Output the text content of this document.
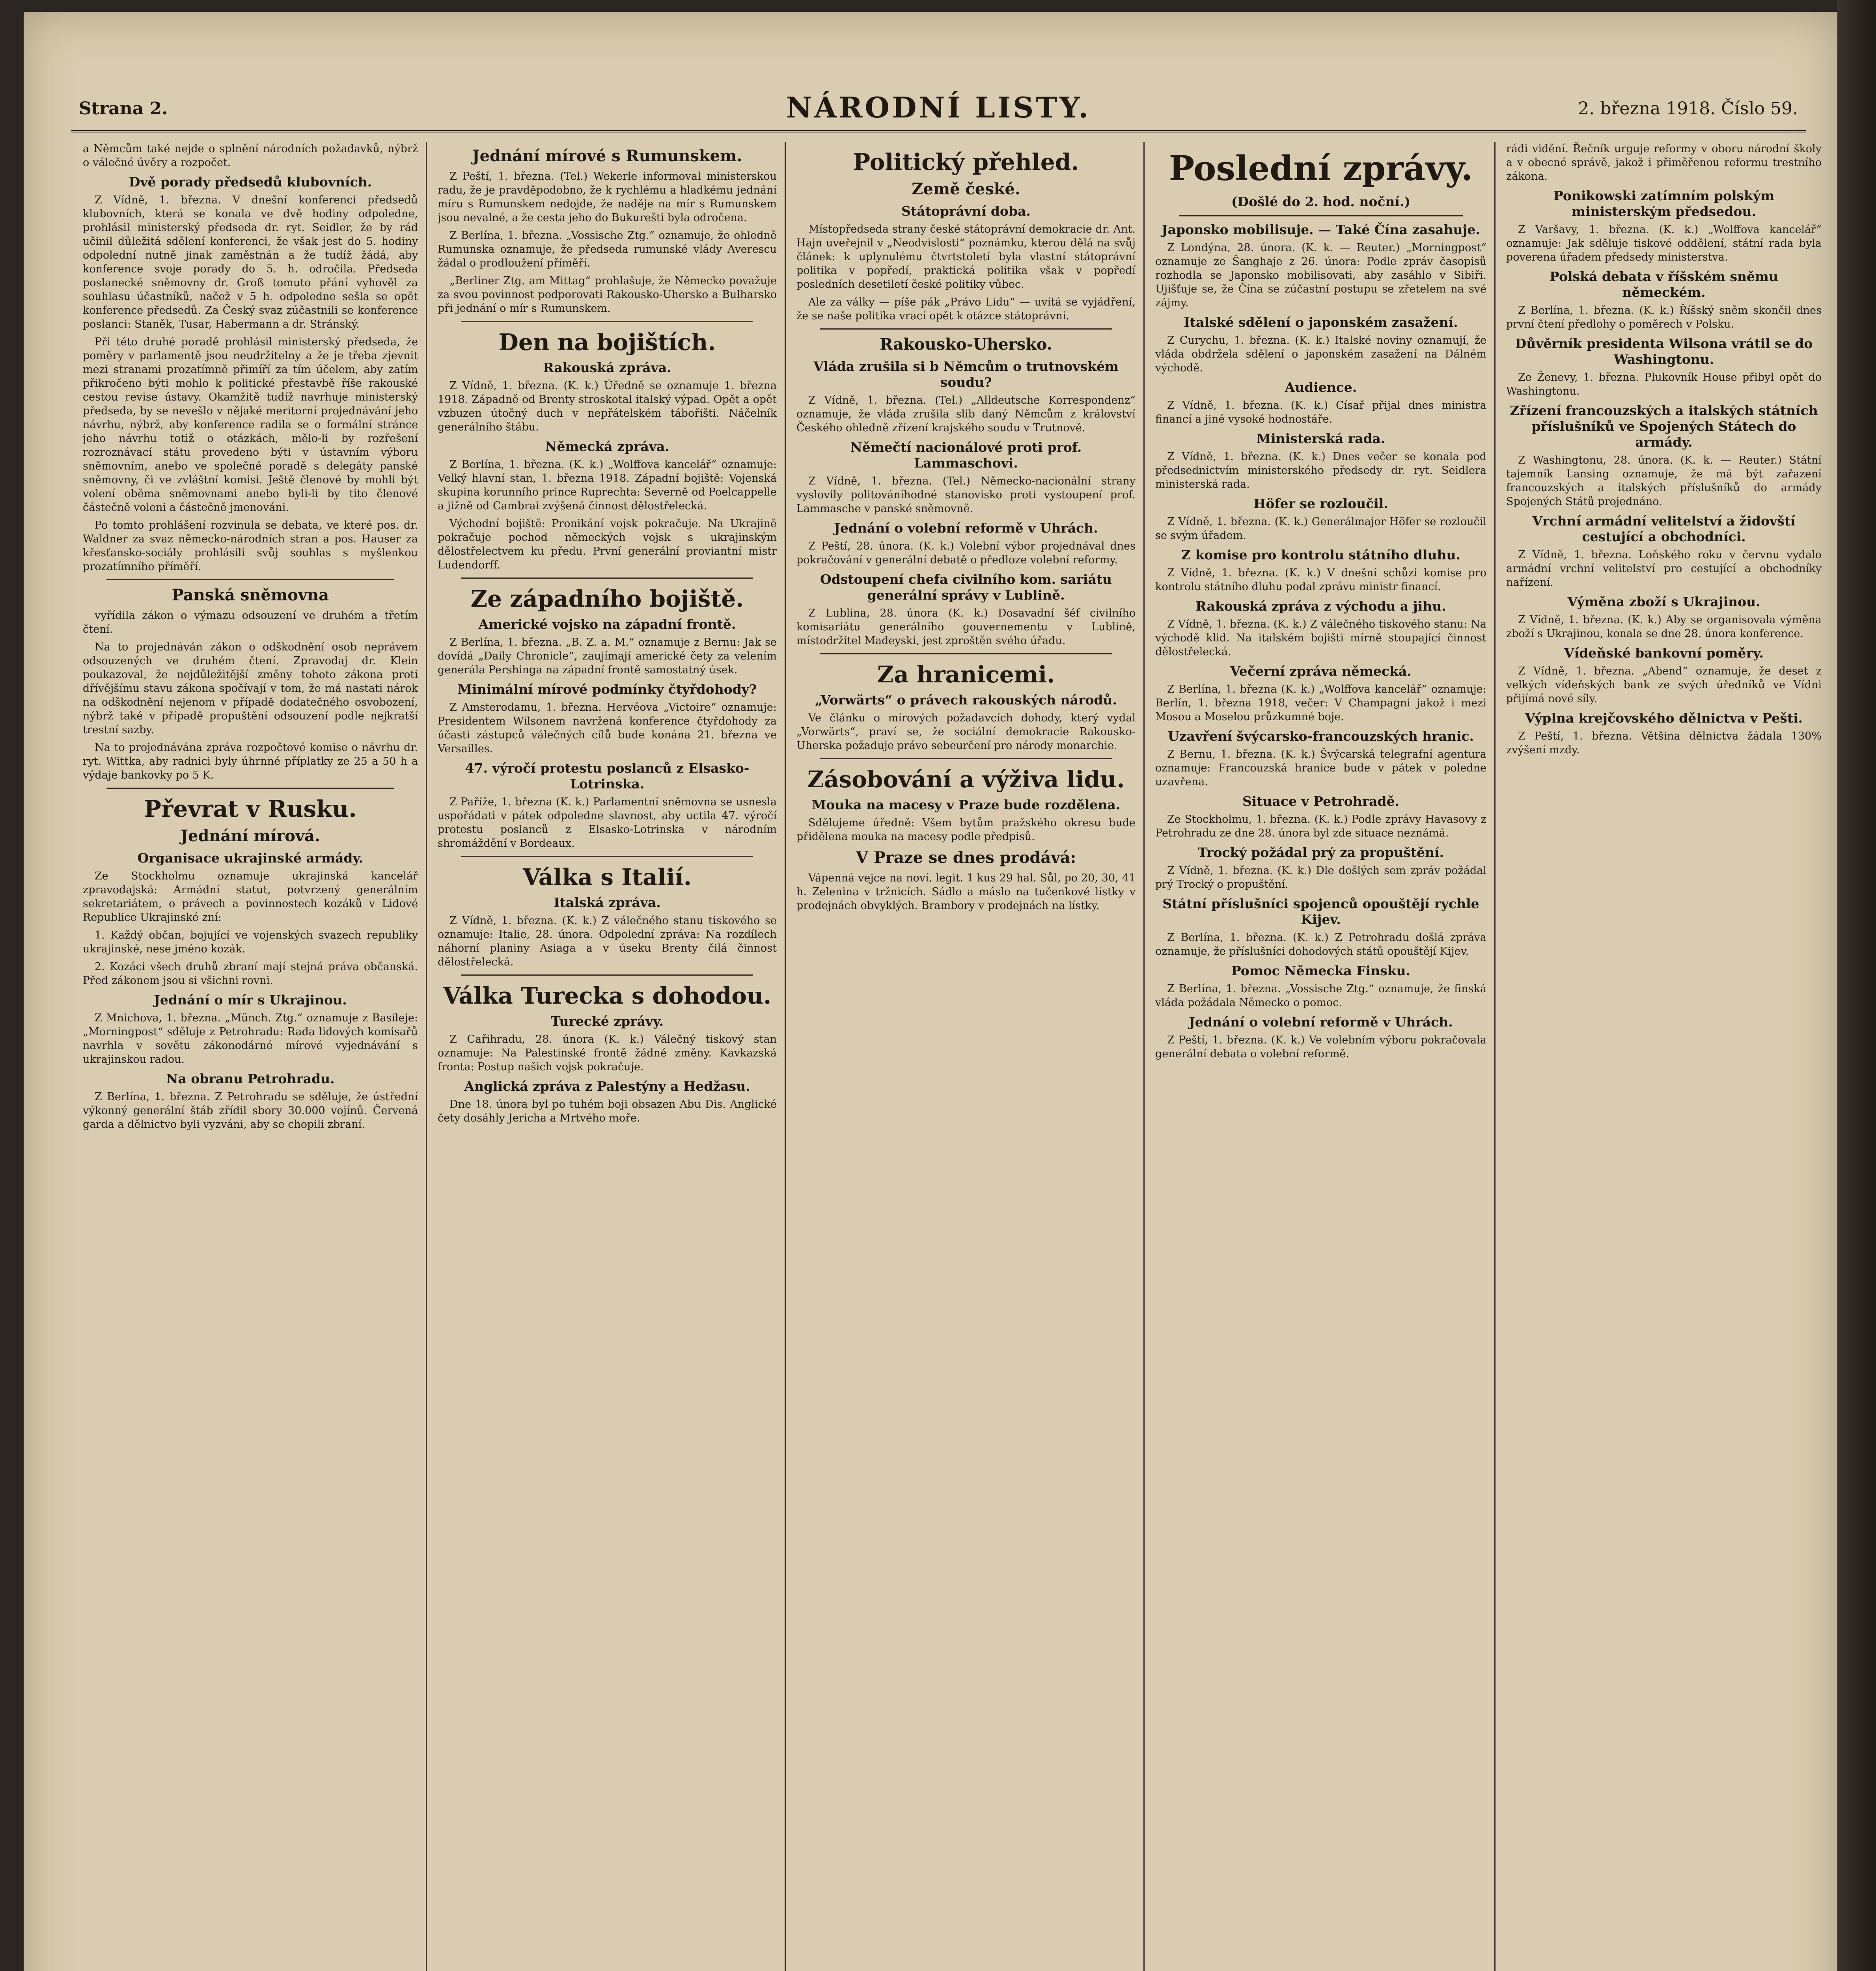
Strana 2.	NÁRODNÍ LISTY.	2. března 1918. Číslo 59.

a Němcům také nejde o splnění národních požadavků, nýbrž o válečné úvěry a rozpočet.

Dvě porady předsedů klubovních.

Z Vídně, 1. března. V dnešní konferenci předsedů klubovních, která se konala ve dvě hodiny odpoledne, prohlásil ministerský předseda dr. ryt. Seidler, že by rád učinil důležitá sdělení konferenci, že však jest do 5. hodiny odpolední nutně jinak zaměstnán a že tudíž žádá, aby konference svoje porady do 5. h. odročila. Předseda poslanecké sněmovny dr. Groß tomuto přání vyhověl za souhlasu účastníků, načež v 5 h. odpoledne sešla se opět konference předsedů. Za Český svaz zúčastnili se konference poslanci: Staněk, Tusar, Habermann a dr. Stránský.

Při této druhé poradě prohlásil ministerský předseda, že poměry v parlamentě jsou neudržitelny a že je třeba zjevnit mezi stranami prozatímně přimíří za tím účelem, aby zatím přikročeno býti mohlo k politické přestavbě říše rakouské cestou revise ústavy. Okamžitě tudíž navrhuje ministerský předseda, by se nevešlo v nějaké meritorní projednávání jeho návrhu, nýbrž, aby konference radila se o formální stránce jeho návrhu totiž o otázkách, mělo-li by rozřešení rozroznávací státu provedeno býti v ústavním výboru sněmovním, anebo ve společné poradě s delegáty panské sněmovny, či ve zvláštní komisi. Ještě členové by mohli být volení oběma sněmovnami anebo byli-li by tito členové částečně voleni a částečně jmenováni.

Po tomto prohlášení rozvinula se debata, ve které pos. dr. Waldner za svaz německo-národních stran a pos. Hauser za křesťansko-sociály prohlásili svůj souhlas s myšlenkou prozatímního příměří.

Panská sněmovna

vyřídila zákon o výmazu odsouzení ve druhém a třetím čtení.

Na to projednáván zákon o odškodnění osob neprávem odsouzených ve druhém čtení. Zpravodaj dr. Klein poukazoval, že nejdůležitější změny tohoto zákona proti dřívějšímu stavu zákona spočívají v tom, že má nastati nárok na odškodnění nejenom v případě dodatečného osvobození, nýbrž také v případě propuštění odsouzení podle nejkratší trestní sazby.

Na to projednávána zpráva rozpočtové komise o návrhu dr. ryt. Wittka, aby radnici byly úhrnné příplatky ze 25 a 50 h a výdaje bankovky po 5 K.

Převrat v Rusku.
Jednání mírová.
Organisace ukrajinské armády.

Ze Stockholmu oznamuje ukrajinská kancelář zpravodajská: Armádní statut, potvrzený generálním sekretariátem, o právech a povinnostech kozáků v Lidové Republice Ukrajinské zní:

1. Každý občan, bojující ve vojenských svazech republiky ukrajinské, nese jméno kozák.

2. Kozáci všech druhů zbraní mají stejná práva občanská. Před zákonem jsou si všichni rovni.

Jednání o mír s Ukrajinou.

Z Mnichova, 1. března. „Münch. Ztg.“ oznamuje z Basileje: „Morningpost“ sděluje z Petrohradu: Rada lidových komisařů navrhla v sovětu zákonodárné mírové vyjednávání s ukrajinskou radou.

Na obranu Petrohradu.

Z Berlína, 1. března. Z Petrohradu se sděluje, že ústřední výkonný generální štáb zřídil sbory 30.000 vojínů. Červená garda a dělnictvo byli vyzváni, aby se chopili zbraní.

Jednání mírové s Rumunskem.

Z Peští, 1. března. (Tel.) Wekerle informoval ministerskou radu, že je pravděpodobno, že k rychlému a hladkému jednání míru s Rumunskem nedojde, že naděje na mír s Rumunskem jsou nevalné, a že cesta jeho do Bukurešti byla odročena.

Z Berlína, 1. března. „Vossische Ztg.“ oznamuje, že ohledně Rumunska oznamuje, že předseda rumunské vlády Averescu žádal o prodloužení příměří.

„Berliner Ztg. am Mittag“ prohlašuje, že Německo považuje za svou povinnost podporovati Rakousko-Uhersko a Bulharsko při jednání o mír s Rumunskem.

Den na bojištích.
Rakouská zpráva.

Z Vídně, 1. března. (K. k.) Úředně se oznamuje 1. března 1918. Západně od Brenty stroskotal italský výpad. Opět a opět vzbuzen útočný duch v nepřátelském tábořišti. Náčelník generálního štábu.

Německá zpráva.

Z Berlína, 1. března. (K. k.) „Wolffova kancelář“ oznamuje: Velký hlavní stan, 1. března 1918. Západní bojiště: Vojenská skupina korunního prince Ruprechta: Severně od Poelcappelle a jižně od Cambrai zvýšená činnost dělostřelecká.

Východní bojiště: Pronikání vojsk pokračuje. Na Ukrajině pokračuje pochod německých vojsk s ukrajinským dělostřelectvem ku předu. První generální proviantní mistr Ludendorff.

Ze západního bojiště.
Americké vojsko na západní frontě.

Z Berlína, 1. března. „B. Z. a. M.“ oznamuje z Bernu: Jak se dovídá „Daily Chronicle“, zaujímají americké čety za velením generála Pershinga na západní frontě samostatný úsek.

Minimální mírové podmínky čtyřdohody?

Z Amsterodamu, 1. března. Hervéova „Victoire“ oznamuje: Presidentem Wilsonem navržená konference čtyřdohody za účasti zástupců válečných cílů bude konána 21. března ve Versailles.

47. výročí protestu poslanců z Elsasko-Lotrinska.

Z Paříže, 1. března (K. k.) Parlamentní sněmovna se usnesla uspořádati v pátek odpoledne slavnost, aby uctila 47. výročí protestu poslanců z Elsasko-Lotrinska v národním shromáždění v Bordeaux.

Válka s Italií.
Italská zpráva.

Z Vídně, 1. března. (K. k.) Z válečného stanu tiskového se oznamuje: Italie, 28. února. Odpolední zpráva: Na rozdílech náhorní planiny Asiaga a v úseku Brenty čilá činnost dělostřelecká.

Válka Turecka s dohodou.
Turecké zprávy.

Z Cařihradu, 28. února (K. k.) Válečný tiskový stan oznamuje: Na Palestinské frontě žádné změny. Kavkazská fronta: Postup našich vojsk pokračuje.

Anglická zpráva z Palestýny a Hedžasu.

Dne 18. února byl po tuhém boji obsazen Abu Dis. Anglické čety dosáhly Jericha a Mrtvého moře.

Politický přehled.
Země české.
Státoprávní doba.

Místopředseda strany české státoprávní demokracie dr. Ant. Hajn uveřejnil v „Neodvislosti“ poznámku, kterou dělá na svůj článek: k uplynulému čtvrtstoletí byla vlastní státoprávní politika v popředí, praktická politika však v popředí posledních desetiletí české politiky vůbec.

Ale za války — píše pák „Právo Lidu“ — uvítá se vyjádření, že se naše politika vrací opět k otázce státoprávní.

Rakousko-Uhersko.
Vláda zrušila si b Němcům o trutnovském soudu?

Z Vídně, 1. března. (Tel.) „Alldeutsche Korrespondenz“ oznamuje, že vláda zrušila slib daný Němcům z království Českého ohledně zřízení krajského soudu v Trutnově.

Němečtí nacionálové proti prof. Lammaschovi.

Z Vídně, 1. března. (Tel.) Německo-nacionální strany vyslovily politováníhodné stanovisko proti vystoupení prof. Lammasche v panské sněmovně.

Jednání o volební reformě v Uhrách.

Z Peští, 28. února. (K. k.) Volební výbor projednával dnes pokračování v generální debatě o předloze volební reformy.

Odstoupení chefa civilního kom. sariátu generální správy v Lublině.

Z Lublina, 28. února (K. k.) Dosavadní šéf civilního komisariátu generálního gouvernementu v Lublině, místodržitel Madeyski, jest zproštěn svého úřadu.

Za hranicemi.
„Vorwärts“ o právech rakouských národů.

Ve článku o mírových požadavcích dohody, který vydal „Vorwärts“, praví se, že sociální demokracie Rakousko-Uherska požaduje právo sebeurčení pro národy monarchie.

Zásobování a výživa lidu.
Mouka na macesy v Praze bude rozdělena.

Sdělujeme úředně: Všem bytům pražského okresu bude přidělena mouka na macesy podle předpisů.

V Praze se dnes prodává:

Vápenná vejce na noví. legit. 1 kus 29 hal. Sůl, po 20, 30, 41 h. Zelenina v tržnicích. Sádlo a máslo na tučenkové lístky v prodejnách obvyklých. Brambory v prodejnách na lístky.

Poslední zprávy.
(Došlé do 2. hod. noční.)
Japonsko mobilisuje. — Také Čína zasahuje.

Z Londýna, 28. února. (K. k. — Reuter.) „Morningpost“ oznamuje ze Šanghaje z 26. února: Podle zpráv časopisů rozhodla se Japonsko mobilisovati, aby zasáhlo v Sibiři. Ujišťuje se, že Čína se zúčastní postupu se zřetelem na své zájmy.

Italské sdělení o japonském zasažení.

Z Curychu, 1. března. (K. k.) Italské noviny oznamují, že vláda obdržela sdělení o japonském zasažení na Dálném východě.

Audience.

Z Vídně, 1. března. (K. k.) Císař přijal dnes ministra financí a jiné vysoké hodnostáře.

Ministerská rada.

Z Vídně, 1. března. (K. k.) Dnes večer se konala pod předsednictvím ministerského předsedy dr. ryt. Seidlera ministerská rada.

Höfer se rozloučil.

Z Vídně, 1. března. (K. k.) Generálmajor Höfer se rozloučil se svým úřadem.

Z komise pro kontrolu státního dluhu.

Z Vídně, 1. března. (K. k.) V dnešní schůzi komise pro kontrolu státního dluhu podal zprávu ministr financí.

Rakouská zpráva z východu a jihu.

Z Vídně, 1. března. (K. k.) Z válečného tiskového stanu: Na východě klid. Na italském bojišti mírně stoupající činnost dělostřelecká.

Večerní zpráva německá.

Z Berlína, 1. března (K. k.) „Wolffova kancelář“ oznamuje: Berlín, 1. března 1918, večer: V Champagni jakož i mezi Mosou a Moselou průzkumné boje.

Uzavření švýcarsko-francouzských hranic.

Z Bernu, 1. března. (K. k.) Švýcarská telegrafní agentura oznamuje: Francouzská hranice bude v pátek v poledne uzavřena.

Situace v Petrohradě.

Ze Stockholmu, 1. března. (K. k.) Podle zprávy Havasovy z Petrohradu ze dne 28. února byl zde situace neznámá.

Trocký požádal prý za propuštění.

Z Vídně, 1. března. (K. k.) Dle došlých sem zpráv požádal prý Trocký o propuštění.

Státní příslušníci spojenců opouštějí rychle Kijev.

Z Berlína, 1. března. (K. k.) Z Petrohradu došlá zpráva oznamuje, že příslušníci dohodových států opouštějí Kijev.

Pomoc Německa Finsku.

Z Berlína, 1. března. „Vossische Ztg.“ oznamuje, že finská vláda požádala Německo o pomoc.

Jednání o volební reformě v Uhrách.

Z Peští, 1. března. (K. k.) Ve volebním výboru pokračovala generální debata o volební reformě.

rádi vidění. Řečník urguje reformy v oboru národní školy a v obecné správě, jakož i přiměřenou reformu trestního zákona.

Ponikowski zatímním polským ministerským předsedou.

Z Varšavy, 1. března. (K. k.) „Wolffova kancelář“ oznamuje: Jak sděluje tiskové oddělení, státní rada byla poverena úřadem předsedy ministerstva.

Polská debata v říšském sněmu německém.

Z Berlína, 1. března. (K. k.) Říšský sněm skončil dnes první čtení předlohy o poměrech v Polsku.

Důvěrník presidenta Wilsona vrátil se do Washingtonu.

Ze Ženevy, 1. března. Plukovník House přibyl opět do Washingtonu.

Zřízení francouzských a italských státních příslušníků ve Spojených Státech do armády.

Z Washingtonu, 28. února. (K. k. — Reuter.) Státní tajemník Lansing oznamuje, že má být zařazení francouzských a italských příslušníků do armády Spojených Států projednáno.

Vrchní armádní velitelství a židovští cestující a obchodníci.

Z Vídně, 1. března. Loňského roku v červnu vydalo armádní vrchní velitelství pro cestující a obchodníky nařízení.

Výměna zboží s Ukrajinou.

Z Vídně, 1. března. (K. k.) Aby se organisovala výměna zboží s Ukrajinou, konala se dne 28. února konference.

Vídeňské bankovní poměry.

Z Vídně, 1. března. „Abend“ oznamuje, že deset z velkých vídeňských bank ze svých úředníků ve Vídni přijímá nové síly.

Výplna krejčovského dělnictva v Pešti.

Z Peští, 1. března. Většina dělnictva žádala 130% zvýšení mzdy.
